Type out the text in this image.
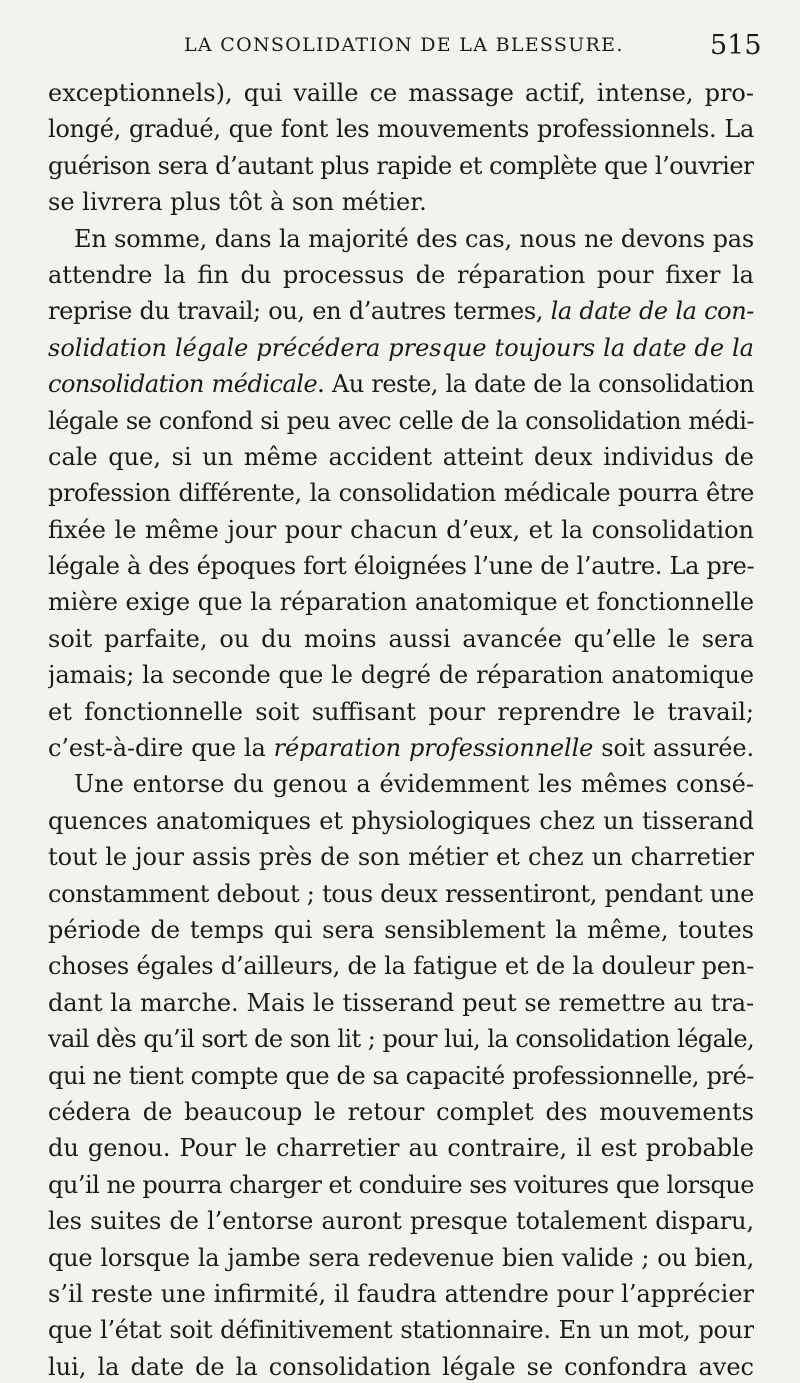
LA CONSOLIDATION DE LA BLESSURE.	515
exceptionnels), qui vaille ce massage actif, intense, pro-
longé, gradué, que font les mouvements professionnels. La
guérison sera d’autant plus rapide et complète que l’ouvrier
se livrera plus tôt à son métier.
En somme, dans la majorité des cas, nous ne devons pas
attendre la fin du processus de réparation pour fixer la
reprise du travail; ou, en d’autres termes, la date de la con-
solidation légale précédera presque toujours la date de la
consolidation médicale. Au reste, la date de la consolidation
légale se confond si peu avec celle de la consolidation médi-
cale que, si un même accident atteint deux individus de
profession différente, la consolidation médicale pourra être
fixée le même jour pour chacun d’eux, et la consolidation
légale à des époques fort éloignées l’une de l’autre. La pre-
mière exige que la réparation anatomique et fonctionnelle
soit parfaite, ou du moins aussi avancée qu’elle le sera
jamais; la seconde que le degré de réparation anatomique
et fonctionnelle soit suffisant pour reprendre le travail;
c’est-à-dire que la réparation professionnelle soit assurée.
Une entorse du genou a évidemment les mêmes consé-
quences anatomiques et physiologiques chez un tisserand
tout le jour assis près de son métier et chez un charretier
constamment debout ; tous deux ressentiront, pendant une
période de temps qui sera sensiblement la même, toutes
choses égales d’ailleurs, de la fatigue et de la douleur pen-
dant la marche. Mais le tisserand peut se remettre au tra-
vail dès qu’il sort de son lit ; pour lui, la consolidation légale,
qui ne tient compte que de sa capacité professionnelle, pré-
cédera de beaucoup le retour complet des mouvements
du genou. Pour le charretier au contraire, il est probable
qu’il ne pourra charger et conduire ses voitures que lorsque
les suites de l’entorse auront presque totalement disparu,
que lorsque la jambe sera redevenue bien valide ; ou bien,
s’il reste une infirmité, il faudra attendre pour l’apprécier
que l’état soit définitivement stationnaire. En un mot, pour
lui, la date de la consolidation légale se confondra avec
